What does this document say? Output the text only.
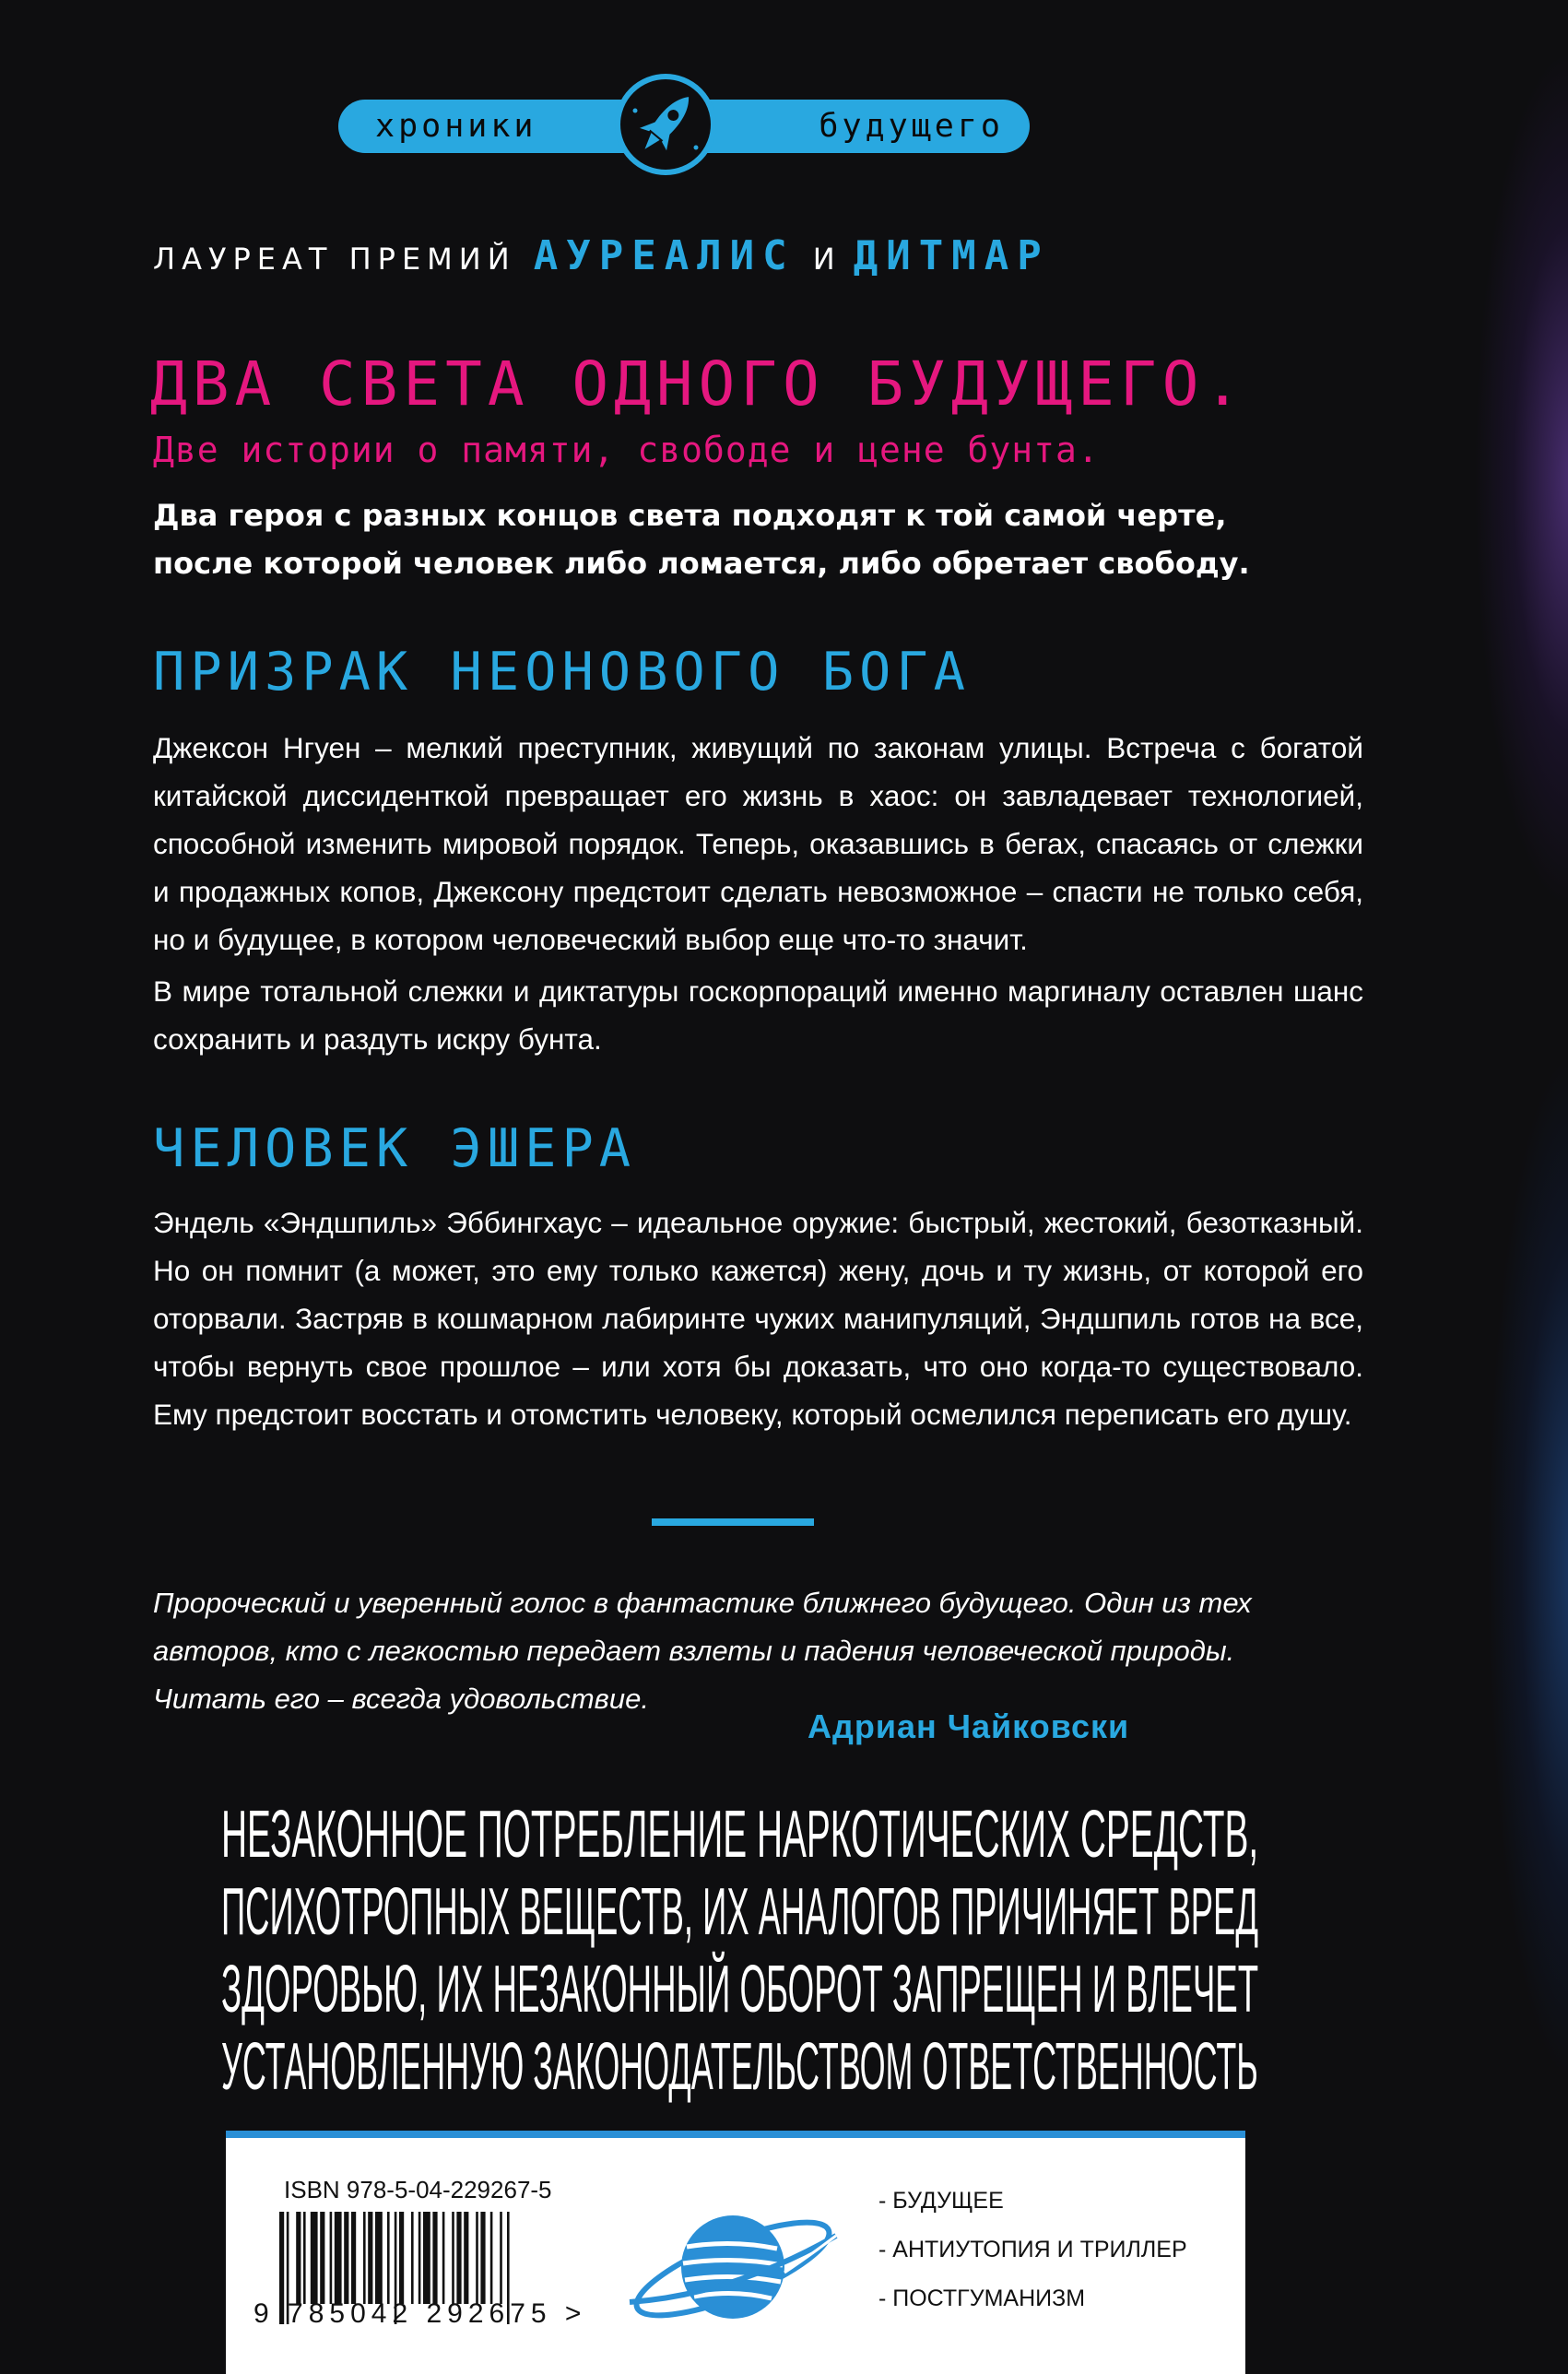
хроники	будущего
ЛАУРЕАТ ПРЕМИЙ АУРЕАЛИС И ДИТМАР
ДВА СВЕТА ОДНОГО БУДУЩЕГО.
Две истории о памяти, свободе и цене бунта.
Два героя с разных концов света подходят к той самой черте,
после которой человек либо ломается, либо обретает свободу.
ПРИЗРАК НЕОНОВОГО БОГА
Джексон Нгуен – мелкий преступник, живущий по законам улицы. Встреча с богатой китайской диссиденткой превращает его жизнь в хаос: он завладевает технологией, способной изменить мировой порядок. Теперь, оказавшись в бегах, спасаясь от слежки и продажных копов, Джексону предстоит сделать невозможное – спасти не только себя, но и будущее, в котором человеческий выбор еще что-то значит.
В мире тотальной слежки и диктатуры госкорпораций именно маргиналу оставлен шанс сохранить и раздуть искру бунта.
ЧЕЛОВЕК ЭШЕРА
Эндель «Эндшпиль» Эббингхаус – идеальное оружие: быстрый, жестокий, безотказный. Но он помнит (а может, это ему только кажется) жену, дочь и ту жизнь, от которой его оторвали. Застряв в кошмарном лабиринте чужих манипуляций, Эндшпиль готов на все, чтобы вернуть свое прошлое – или хотя бы доказать, что оно когда-то существовало. Ему предстоит восстать и отомстить человеку, который осмелился переписать его душу.
Пророческий и уверенный голос в фантастике ближнего будущего. Один из тех
авторов, кто с легкостью передает взлеты и падения человеческой природы.
Читать его – всегда удовольствие.
Адриан Чайковски
НЕЗАКОННОЕ ПОТРЕБЛЕНИЕ НАРКОТИЧЕСКИХ СРЕДСТВ,
ПСИХОТРОПНЫХ ВЕЩЕСТВ, ИХ АНАЛОГОВ ПРИЧИНЯЕТ ВРЕД
ЗДОРОВЬЮ, ИХ НЕЗАКОННЫЙ ОБОРОТ ЗАПРЕЩЕН И ВЛЕЧЕТ
УСТАНОВЛЕННУЮ ЗАКОНОДАТЕЛЬСТВОМ ОТВЕТСТВЕННОСТЬ
ISBN 978-5-04-229267-5
9 785042 292675 >
- БУДУЩЕЕ
- АНТИУТОПИЯ И ТРИЛЛЕР
- ПОСТГУМАНИЗМ
